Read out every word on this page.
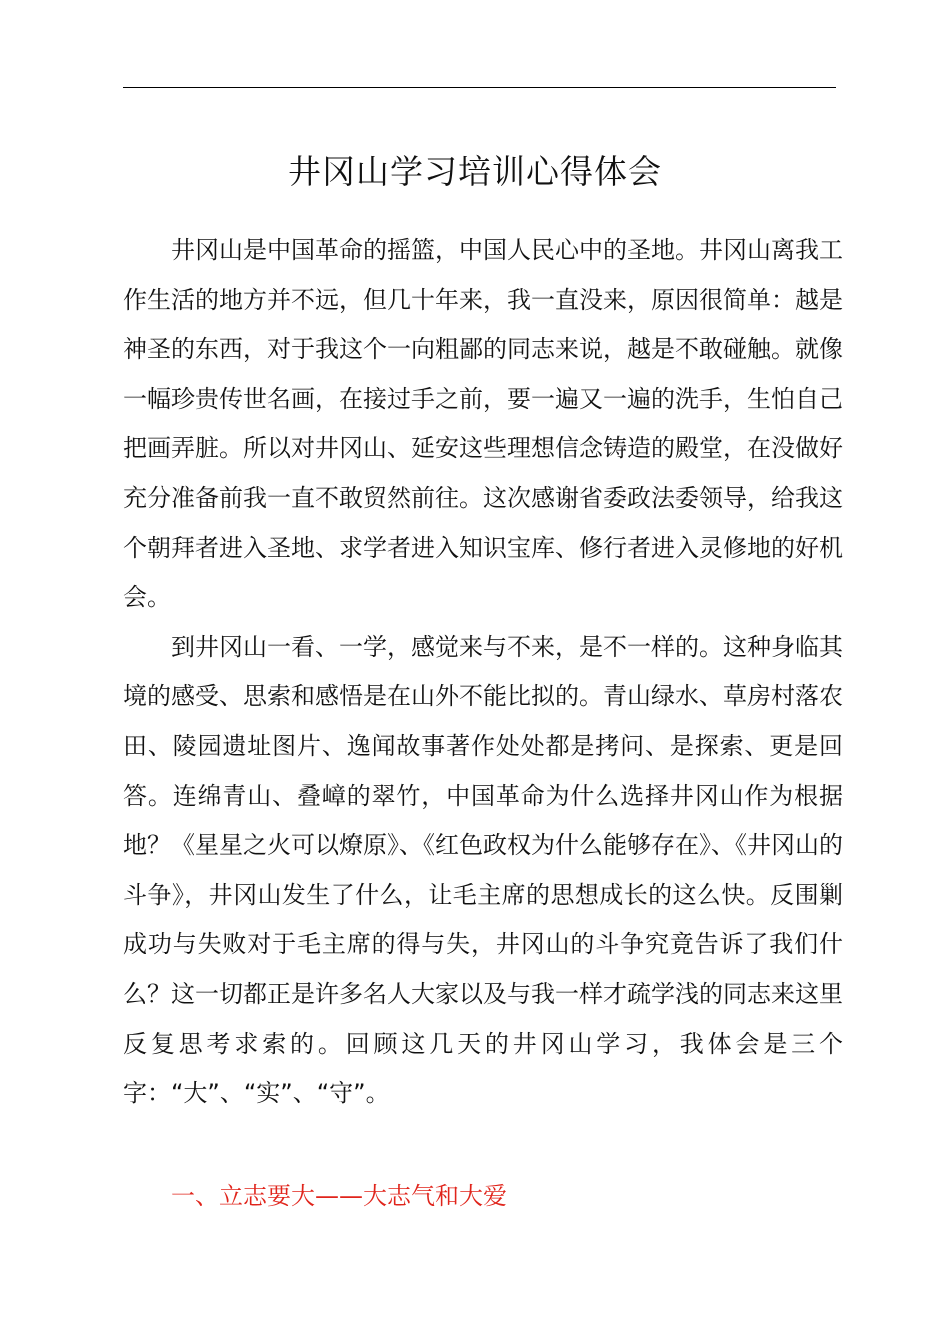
井冈山学习培训心得体会

井冈山是中国革命的摇篮，中国人民心中的圣地。井冈山离我工作生活的地方并不远，但几十年来，我一直没来，原因很简单：越是神圣的东西，对于我这个一向粗鄙的同志来说，越是不敢碰触。就像一幅珍贵传世名画，在接过手之前，要一遍又一遍的洗手，生怕自己把画弄脏。所以对井冈山、延安这些理想信念铸造的殿堂，在没做好充分准备前我一直不敢贸然前往。这次感谢省委政法委领导，给我这个朝拜者进入圣地、求学者进入知识宝库、修行者进入灵修地的好机会。

到井冈山一看、一学，感觉来与不来，是不一样的。这种身临其境的感受、思索和感悟是在山外不能比拟的。青山绿水、草房村落农田、陵园遗址图片、逸闻故事著作处处都是拷问、是探索、更是回答。连绵青山、叠嶂的翠竹，中国革命为什么选择井冈山作为根据地？《星星之火可以燎原》、《红色政权为什么能够存在》、《井冈山的斗争》，井冈山发生了什么，让毛主席的思想成长的这么快。反围剿成功与失败对于毛主席的得与失，井冈山的斗争究竟告诉了我们什么？这一切都正是许多名人大家以及与我一样才疏学浅的同志来这里反复思考求索的。回顾这几天的井冈山学习，我体会是三个字：“大”、“实”、“守”。

一、立志要大——大志气和大爱
